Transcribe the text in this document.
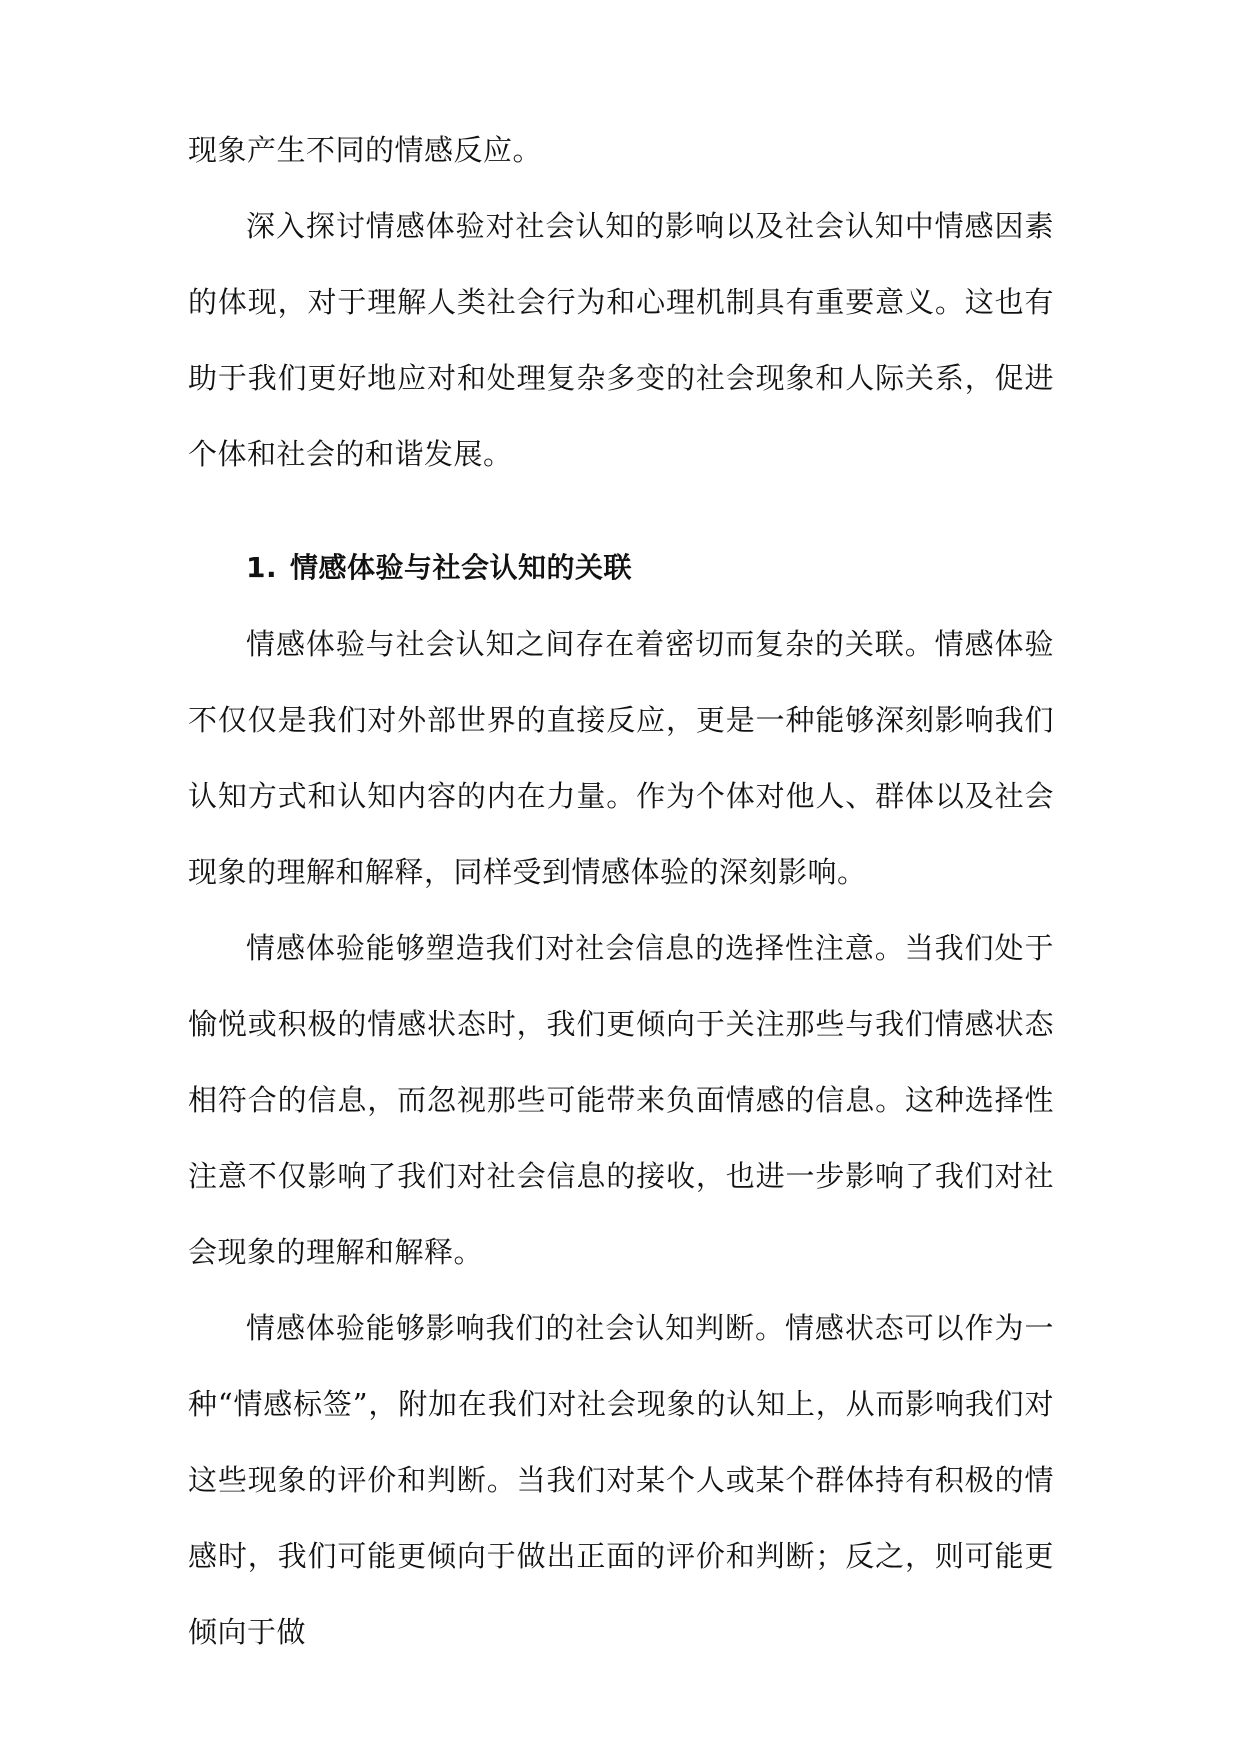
现象产生不同的情感反应。

深入探讨情感体验对社会认知的影响以及社会认知中情感因素的体现，对于理解人类社会行为和心理机制具有重要意义。这也有助于我们更好地应对和处理复杂多变的社会现象和人际关系，促进个体和社会的和谐发展。

1. 情感体验与社会认知的关联

情感体验与社会认知之间存在着密切而复杂的关联。情感体验不仅仅是我们对外部世界的直接反应，更是一种能够深刻影响我们认知方式和认知内容的内在力量。作为个体对他人、群体以及社会现象的理解和解释，同样受到情感体验的深刻影响。

情感体验能够塑造我们对社会信息的选择性注意。当我们处于愉悦或积极的情感状态时，我们更倾向于关注那些与我们情感状态相符合的信息，而忽视那些可能带来负面情感的信息。这种选择性注意不仅影响了我们对社会信息的接收，也进一步影响了我们对社会现象的理解和解释。

情感体验能够影响我们的社会认知判断。情感状态可以作为一种“情感标签”，附加在我们对社会现象的认知上，从而影响我们对这些现象的评价和判断。当我们对某个人或某个群体持有积极的情感时，我们可能更倾向于做出正面的评价和判断；反之，则可能更倾向于做
